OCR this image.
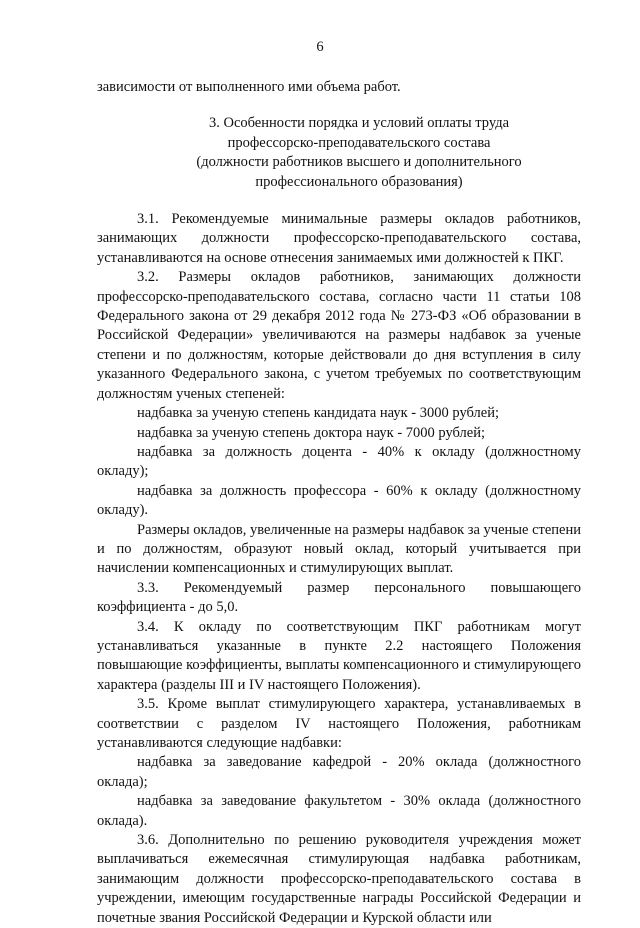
6

зависимости от выполненного ими объема работ.

3. Особенности порядка и условий оплаты труда
профессорско-преподавательского состава
(должности работников высшего и дополнительного
профессионального образования)

3.1. Рекомендуемые минимальные размеры окладов работников, занимающих должности профессорско-преподавательского состава, устанавливаются на основе отнесения занимаемых ими должностей к ПКГ.

3.2. Размеры окладов работников, занимающих должности профессорско-преподавательского состава, согласно части 11 статьи 108 Федерального закона от 29 декабря 2012 года № 273-ФЗ «Об образовании в Российской Федерации» увеличиваются на размеры надбавок за ученые степени и по должностям, которые действовали до дня вступления в силу указанного Федерального закона, с учетом требуемых по соответствующим должностям ученых степеней:

надбавка за ученую степень кандидата наук - 3000 рублей;

надбавка за ученую степень доктора наук - 7000 рублей;

надбавка за должность доцента - 40% к окладу (должностному окладу);

надбавка за должность профессора - 60% к окладу (должностному окладу).

Размеры окладов, увеличенные на размеры надбавок за ученые степени и по должностям, образуют новый оклад, который учитывается при начислении компенсационных и стимулирующих выплат.

3.3. Рекомендуемый размер персонального повышающего коэффициента - до 5,0.

3.4. К окладу по соответствующим ПКГ работникам могут устанавливаться указанные в пункте 2.2 настоящего Положения повышающие коэффициенты, выплаты компенсационного и стимулирующего характера (разделы III и IV настоящего Положения).

3.5. Кроме выплат стимулирующего характера, устанавливаемых в соответствии с разделом IV настоящего Положения, работникам устанавливаются следующие надбавки:

надбавка за заведование кафедрой - 20% оклада (должностного оклада);

надбавка за заведование факультетом - 30% оклада (должностного оклада).

3.6. Дополнительно по решению руководителя учреждения может выплачиваться ежемесячная стимулирующая надбавка работникам, занимающим должности профессорско-преподавательского состава в учреждении, имеющим государственные награды Российской Федерации и почетные звания Российской Федерации и Курской области или
